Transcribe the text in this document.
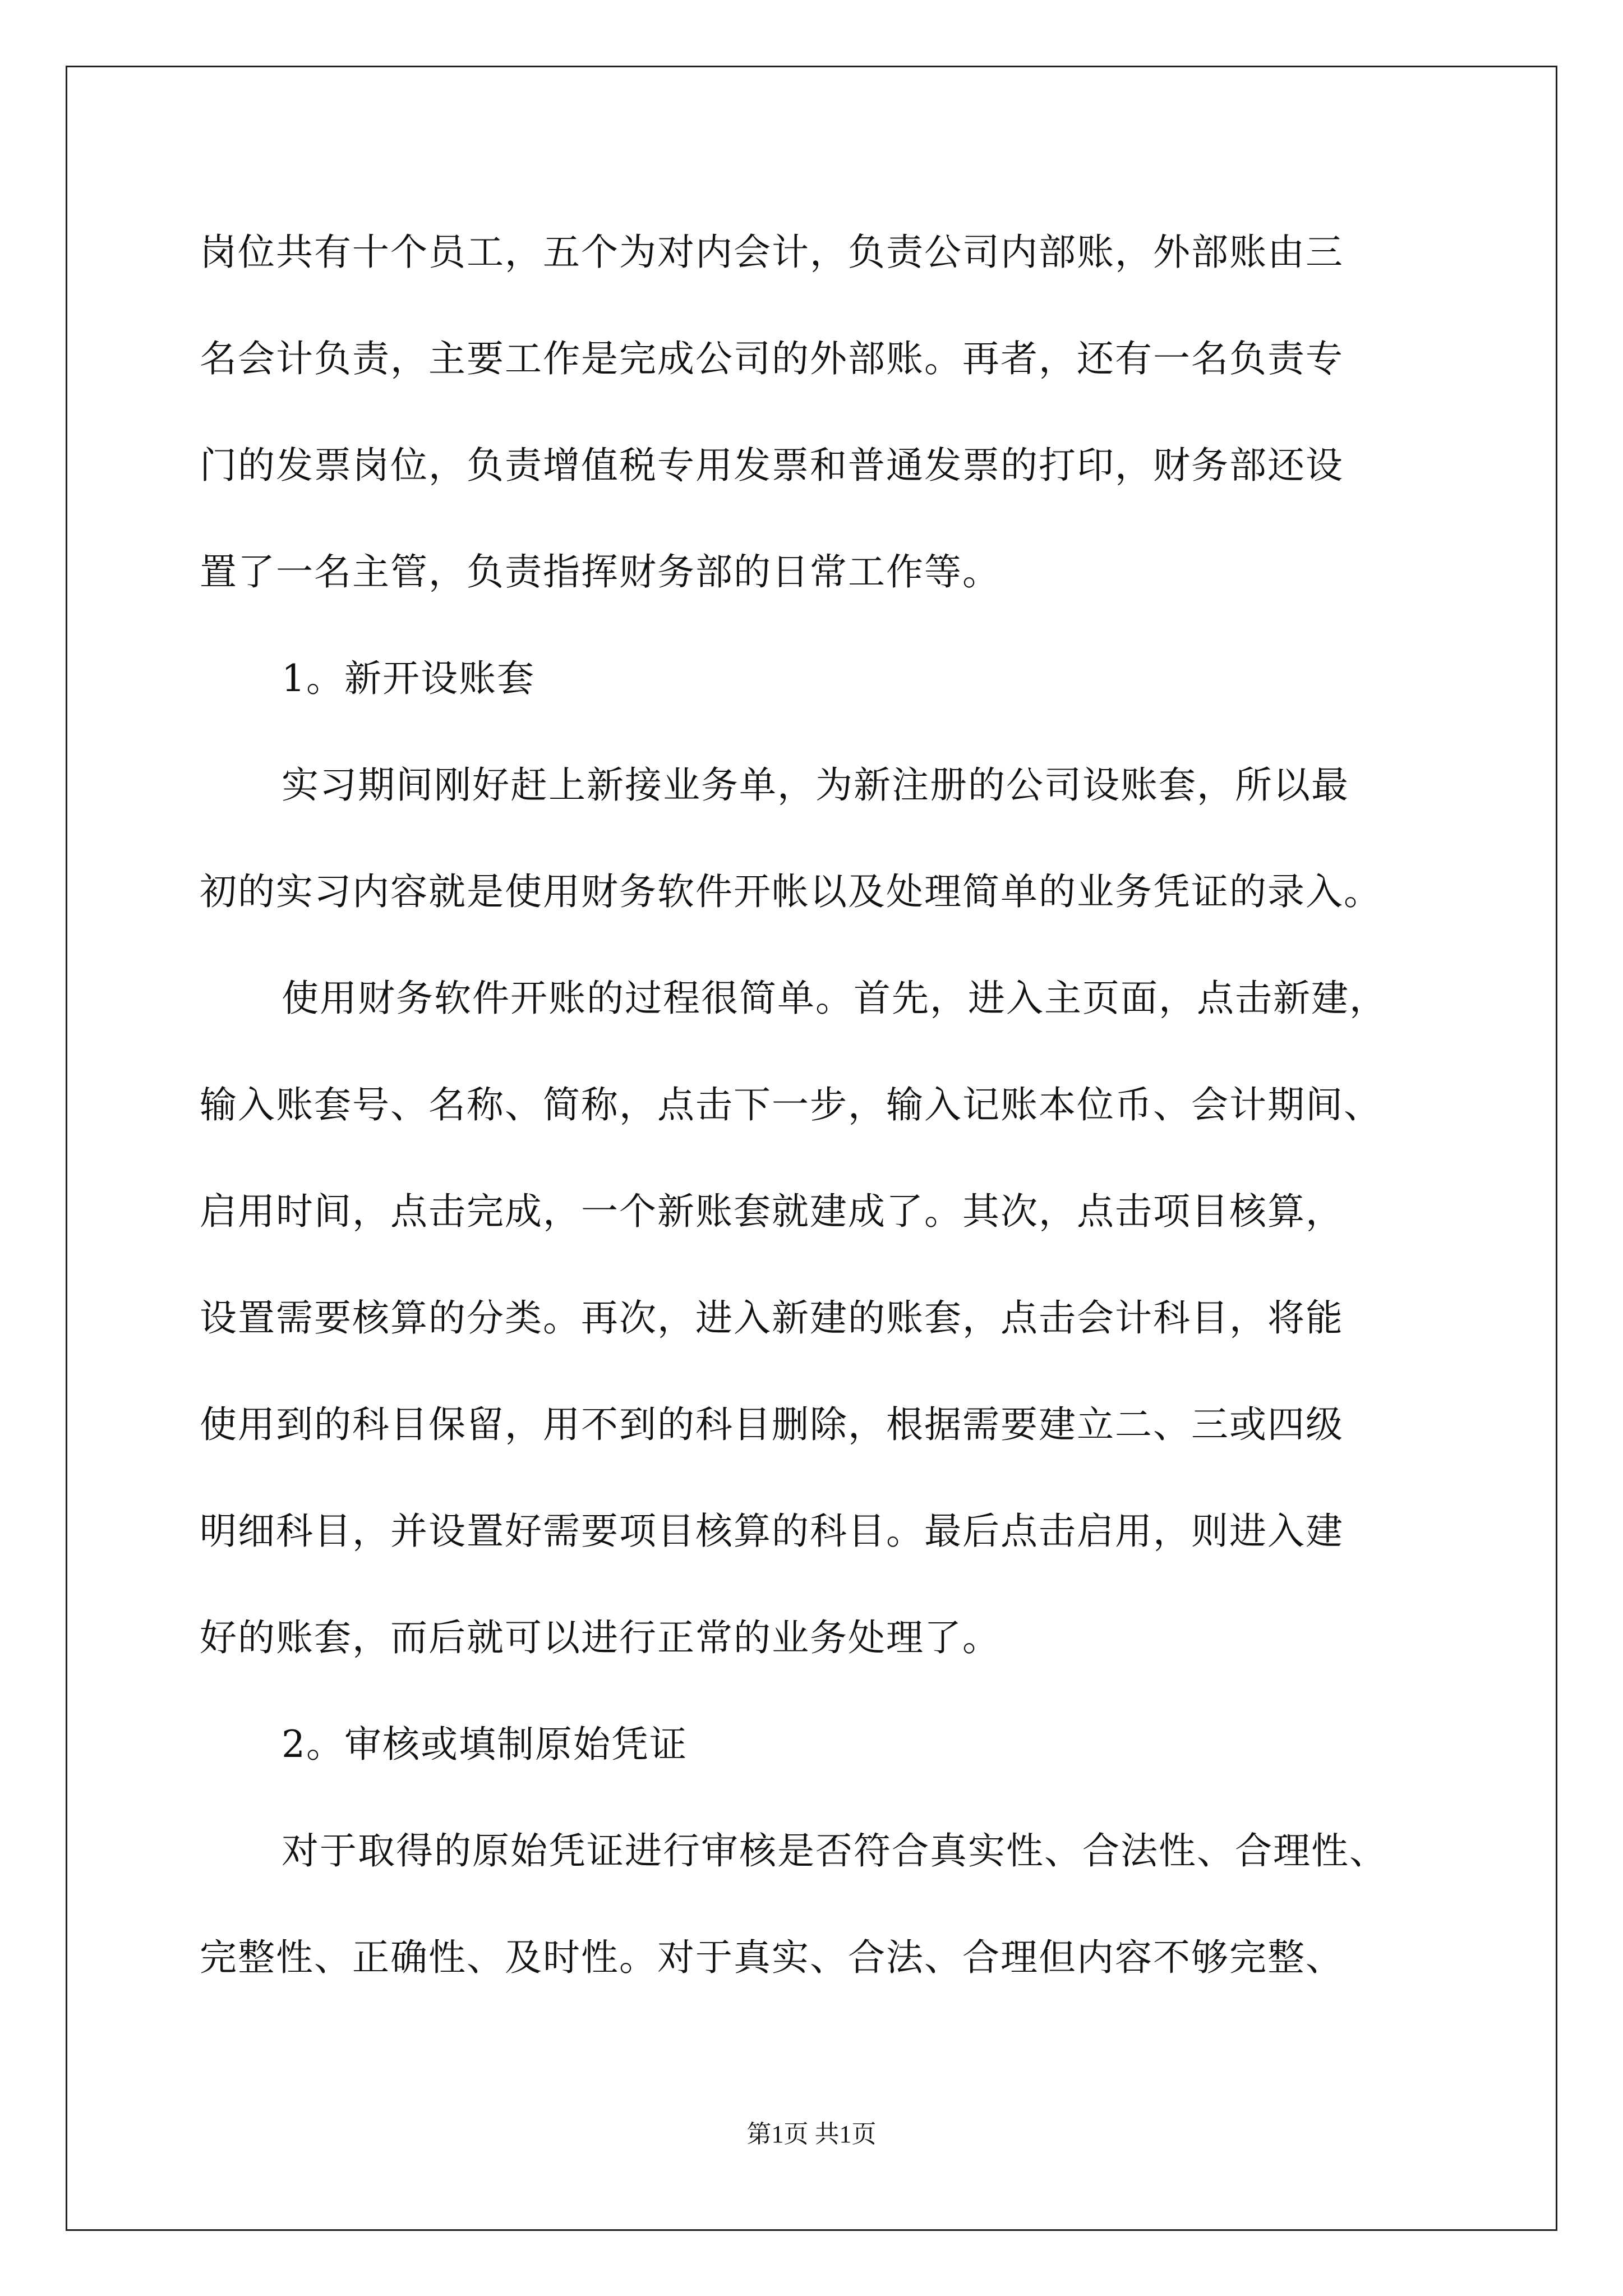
岗位共有十个员工，五个为对内会计，负责公司内部账，外部账由三
名会计负责，主要工作是完成公司的外部账。再者，还有一名负责专
门的发票岗位，负责增值税专用发票和普通发票的打印，财务部还设
置了一名主管，负责指挥财务部的日常工作等。
1。新开设账套
实习期间刚好赶上新接业务单，为新注册的公司设账套，所以最
初的实习内容就是使用财务软件开帐以及处理简单的业务凭证的录入。
使用财务软件开账的过程很简单。首先，进入主页面，点击新建，
输入账套号、名称、简称，点击下一步，输入记账本位币、会计期间、
启用时间，点击完成，一个新账套就建成了。其次，点击项目核算，
设置需要核算的分类。再次，进入新建的账套，点击会计科目，将能
使用到的科目保留，用不到的科目删除，根据需要建立二、三或四级
明细科目，并设置好需要项目核算的科目。最后点击启用，则进入建
好的账套，而后就可以进行正常的业务处理了。
2。审核或填制原始凭证
对于取得的原始凭证进行审核是否符合真实性、合法性、合理性、
完整性、正确性、及时性。对于真实、合法、合理但内容不够完整、
第1页 共1页
